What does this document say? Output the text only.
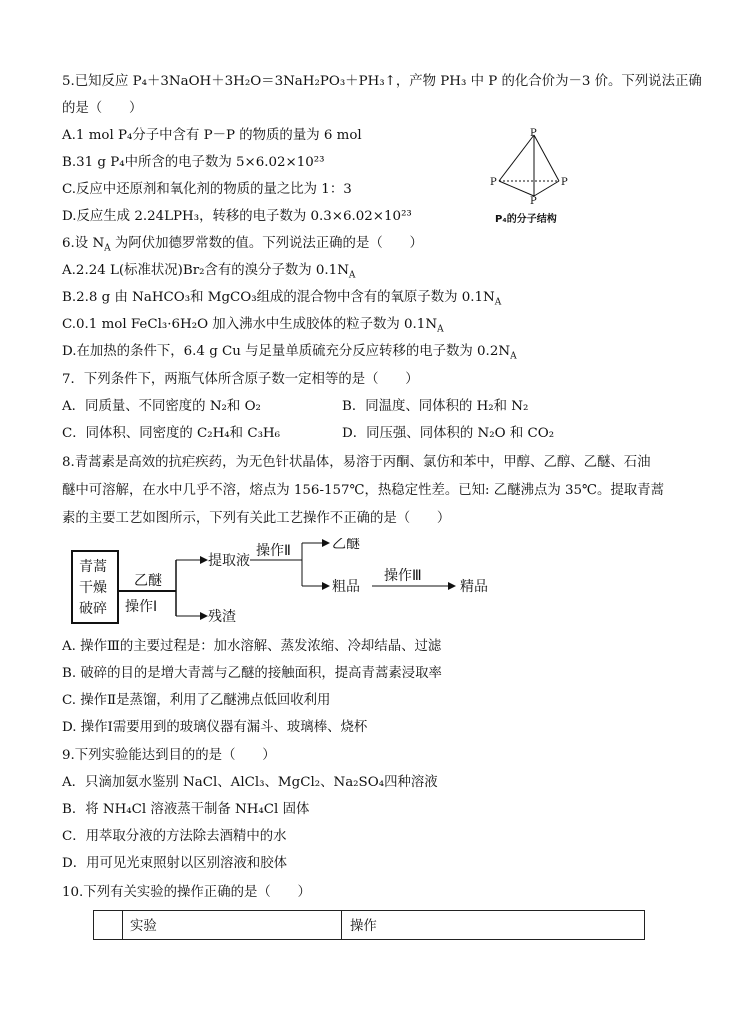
5.已知反应 P₄＋3NaOH＋3H₂O＝3NaH₂PO₃＋PH₃↑，产物 PH₃ 中 P 的化合价为－3 价。下列说法正确
的是（　　）
A.1 mol P₄分子中含有 P－P 的物质的量为 6 mol
B.31 g P₄中所含的电子数为 5×6.02×10²³
C.反应中还原剂和氧化剂的物质的量之比为 1：3
D.反应生成 2.24LPH₃，转移的电子数为 0.3×6.02×10²³
P
P	P
P
P₄的分子结构
6.设 $N_A$ 为阿伏加德罗常数的值。下列说法正确的是（　　）
A.2.24 L(标准状况)Br₂含有的溴分子数为 $0.1N_A$
B.2.8 g 由 NaHCO₃和 MgCO₃组成的混合物中含有的氧原子数为 $0.1N_A$
C.0.1 mol FeCl₃·6H₂O 加入沸水中生成胶体的粒子数为 $0.1N_A$
D.在加热的条件下，6.4 g Cu 与足量单质硫充分反应转移的电子数为 $0.2N_A$
7．下列条件下，两瓶气体所含原子数一定相等的是（　　）
A．同质量、不同密度的 N₂和 O₂	B．同温度、同体积的 H₂和 N₂
C．同体积、同密度的 C₂H₄和 C₃H₆	D．同压强、同体积的 N₂O 和 CO₂
8.青蒿素是高效的抗疟疾药，为无色针状晶体，易溶于丙酮、氯仿和苯中，甲醇、乙醇、乙醚、石油
醚中可溶解，在水中几乎不溶，熔点为 156-157℃，热稳定性差。已知: 乙醚沸点为 35℃。提取青蒿
素的主要工艺如图所示，下列有关此工艺操作不正确的是（　　）
青蒿
干燥
破碎
乙醚
操作Ⅰ
提取液
残渣
操作Ⅱ	乙醚
粗品
操作Ⅲ
精品
A. 操作Ⅲ的主要过程是：加水溶解、蒸发浓缩、冷却结晶、过滤
B. 破碎的目的是增大青蒿与乙醚的接触面积，提高青蒿素浸取率
C. 操作Ⅱ是蒸馏，利用了乙醚沸点低回收利用
D. 操作Ⅰ需要用到的玻璃仪器有漏斗、玻璃棒、烧杯
9.下列实验能达到目的的是（　　）
A．只滴加氨水鉴别 NaCl、AlCl₃、MgCl₂、Na₂SO₄四种溶液
B．将 NH₄Cl 溶液蒸干制备 NH₄Cl 固体
C．用萃取分液的方法除去酒精中的水
D．用可见光束照射以区别溶液和胶体
10.下列有关实验的操作正确的是（　　）
实验	操作
